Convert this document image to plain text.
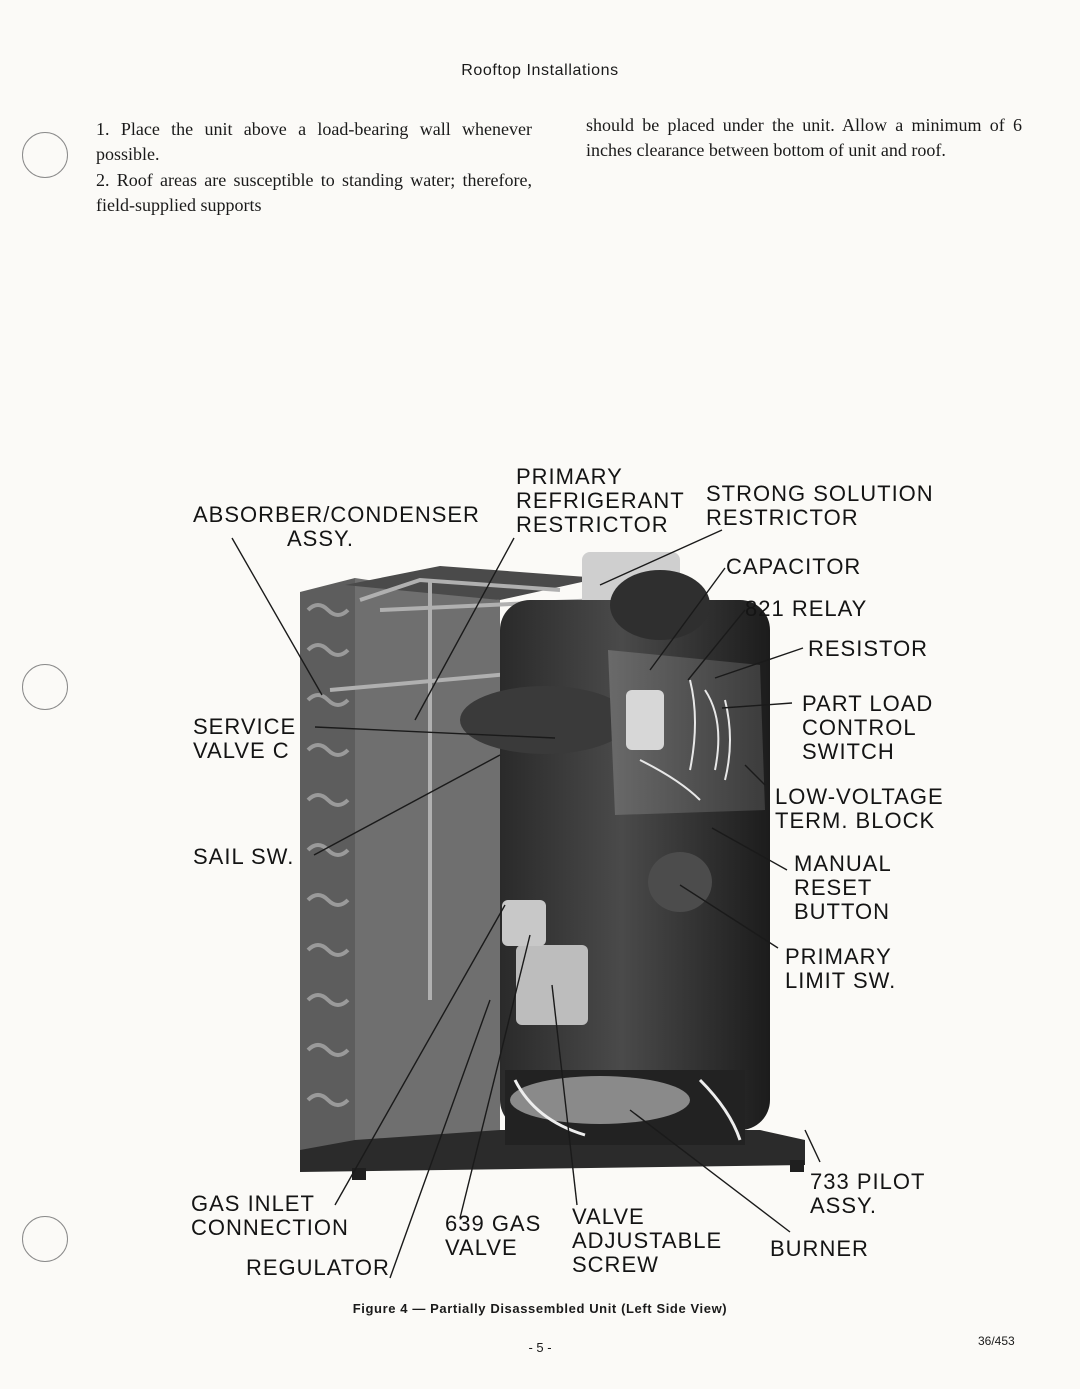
Rooftop Installations

1. Place the unit above a load-bearing wall whenever possible.

2. Roof areas are susceptible to standing water; therefore, field-supplied supports

should be placed under the unit. Allow a minimum of 6 inches clearance between bottom of unit and roof.

ABSORBER/CONDENSER
ASSY.
PRIMARY
REFRIGERANT
RESTRICTOR
STRONG SOLUTION
RESTRICTOR
CAPACITOR
821 RELAY
RESISTOR
PART LOAD
CONTROL
SWITCH
SERVICE
VALVE C
LOW-VOLTAGE
TERM. BLOCK
SAIL SW.	MANUAL
RESET
BUTTON
PRIMARY
LIMIT SW.
733 PILOT
ASSY.
GAS INLET
CONNECTION	639 GAS
VALVE
VALVE
ADJUSTABLE
SCREW
BURNER
REGULATOR
Figure 4 — Partially Disassembled Unit (Left Side View)
- 5 -	36/453
